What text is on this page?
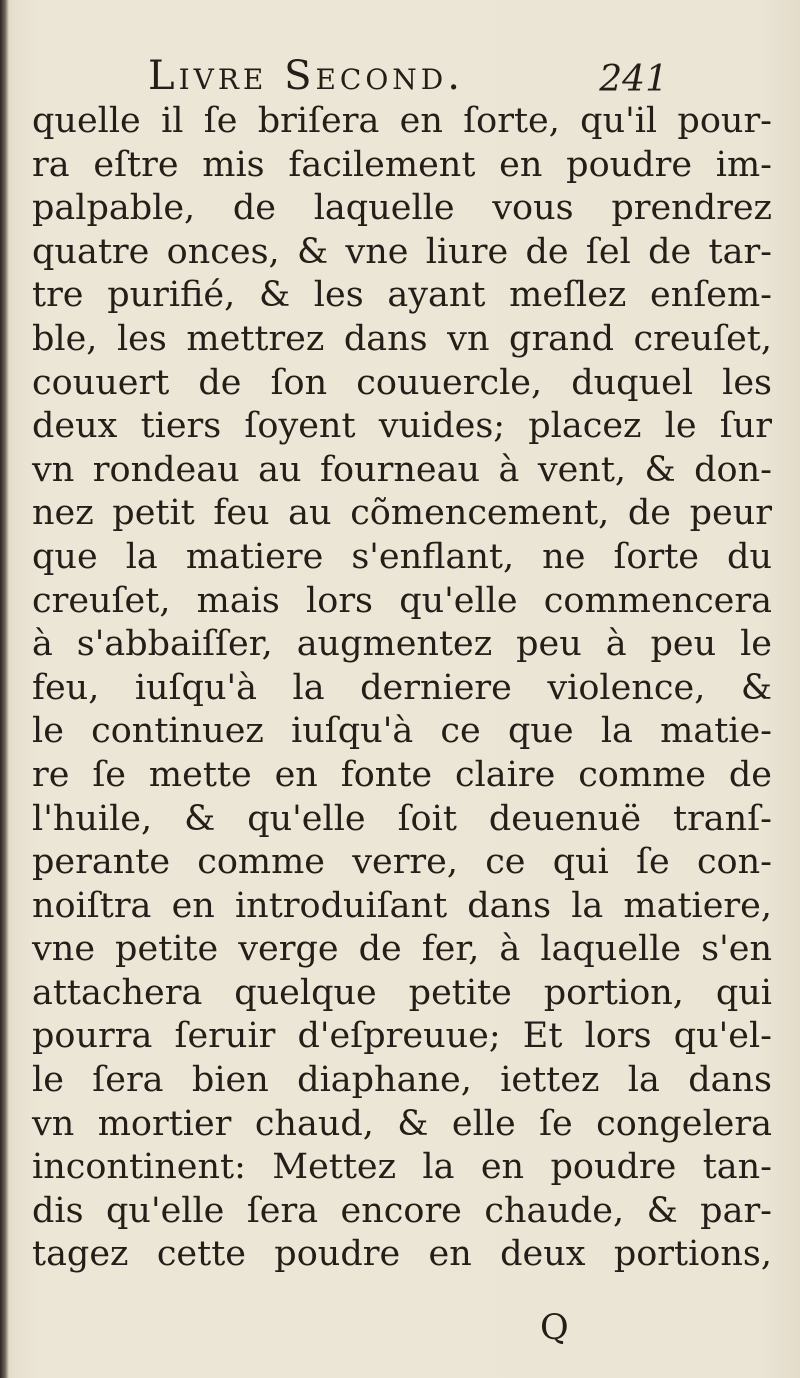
Livre Second.	241
quelle il ſe briſera en ſorte, qu'il pour-
ra eſtre mis facilement en poudre im-
palpable, de laquelle vous prendrez
quatre onces, & vne liure de ſel de tar-
tre purifié, & les ayant meſlez enſem-
ble, les mettrez dans vn grand creuſet,
couuert de ſon couuercle, duquel les
deux tiers ſoyent vuides; placez le ſur
vn rondeau au fourneau à vent, & don-
nez petit feu au cõmencement, de peur
que la matiere s'enflant, ne ſorte du
creuſet, mais lors qu'elle commencera
à s'abbaiſſer, augmentez peu à peu le
feu, iuſqu'à la derniere violence, &
le continuez iuſqu'à ce que la matie-
re ſe mette en fonte claire comme de
l'huile, & qu'elle ſoit deuenuë tranſ-
perante comme verre, ce qui ſe con-
noiſtra en introduiſant dans la matiere,
vne petite verge de fer, à laquelle s'en
attachera quelque petite portion, qui
pourra ſeruir d'eſpreuue; Et lors qu'el-
le ſera bien diaphane, iettez la dans
vn mortier chaud, & elle ſe congelera
incontinent: Mettez la en poudre tan-
dis qu'elle ſera encore chaude, & par-
tagez cette poudre en deux portions,
Q
